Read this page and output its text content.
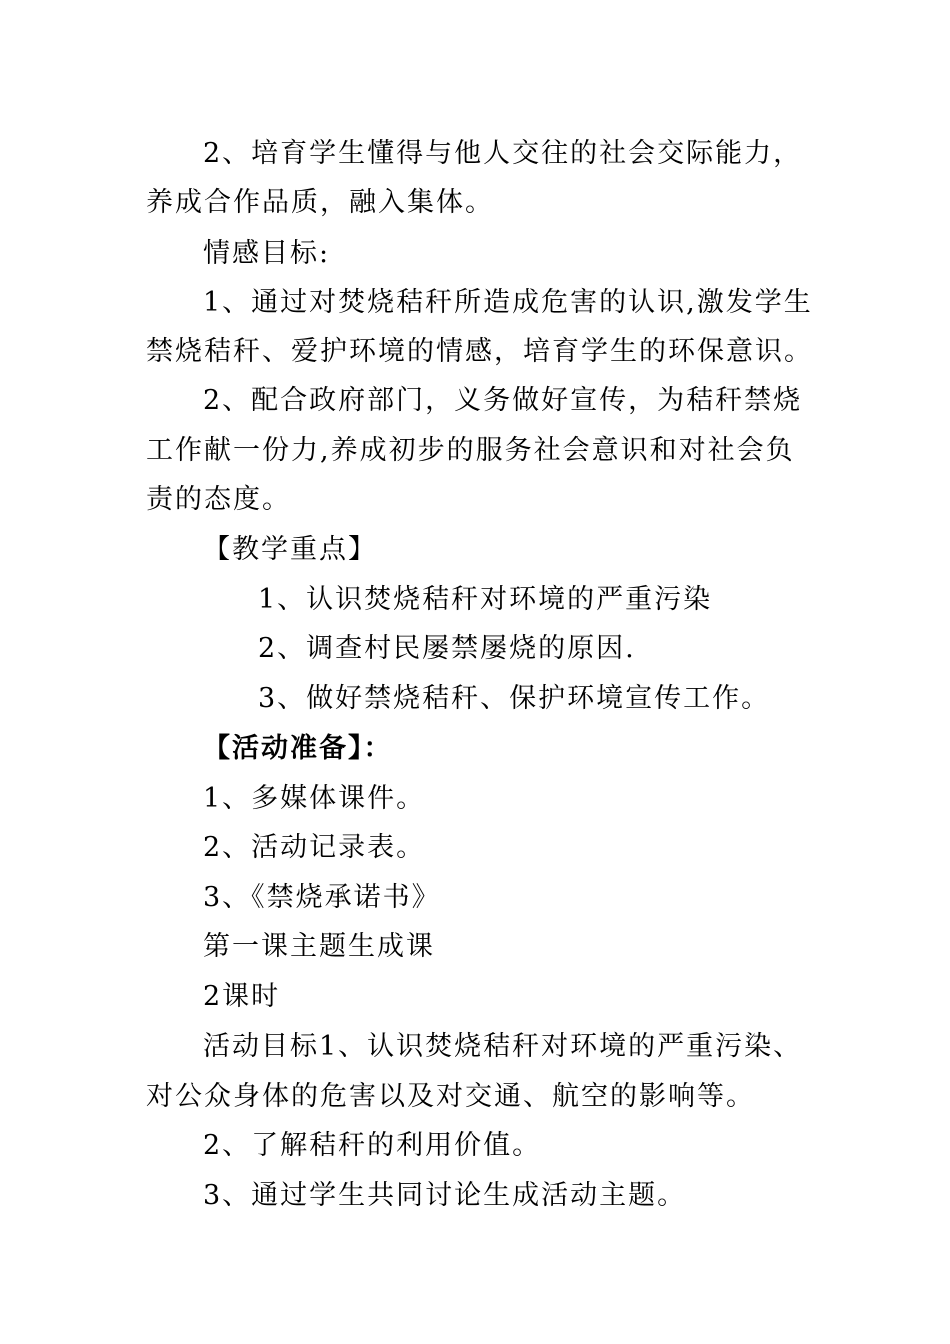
2、培育学生懂得与他人交往的社会交际能力，
养成合作品质，融入集体。
情感目标:
1、通过对焚烧秸秆所造成危害的认识,激发学生
禁烧秸秆、爱护环境的情感，培育学生的环保意识。
2、配合政府部门，义务做好宣传，为秸秆禁烧
工作献一份力,养成初步的服务社会意识和对社会负
责的态度。
【教学重点】
1、认识焚烧秸秆对环境的严重污染
2、调查村民屡禁屡烧的原因.
3、做好禁烧秸秆、保护环境宣传工作。
【活动准备】：
1、多媒体课件。
2、活动记录表。
3、《禁烧承诺书》
第一课主题生成课
2课时
活动目标1、认识焚烧秸秆对环境的严重污染、
对公众身体的危害以及对交通、航空的影响等。
2、了解秸秆的利用价值。
3、通过学生共同讨论生成活动主题。
